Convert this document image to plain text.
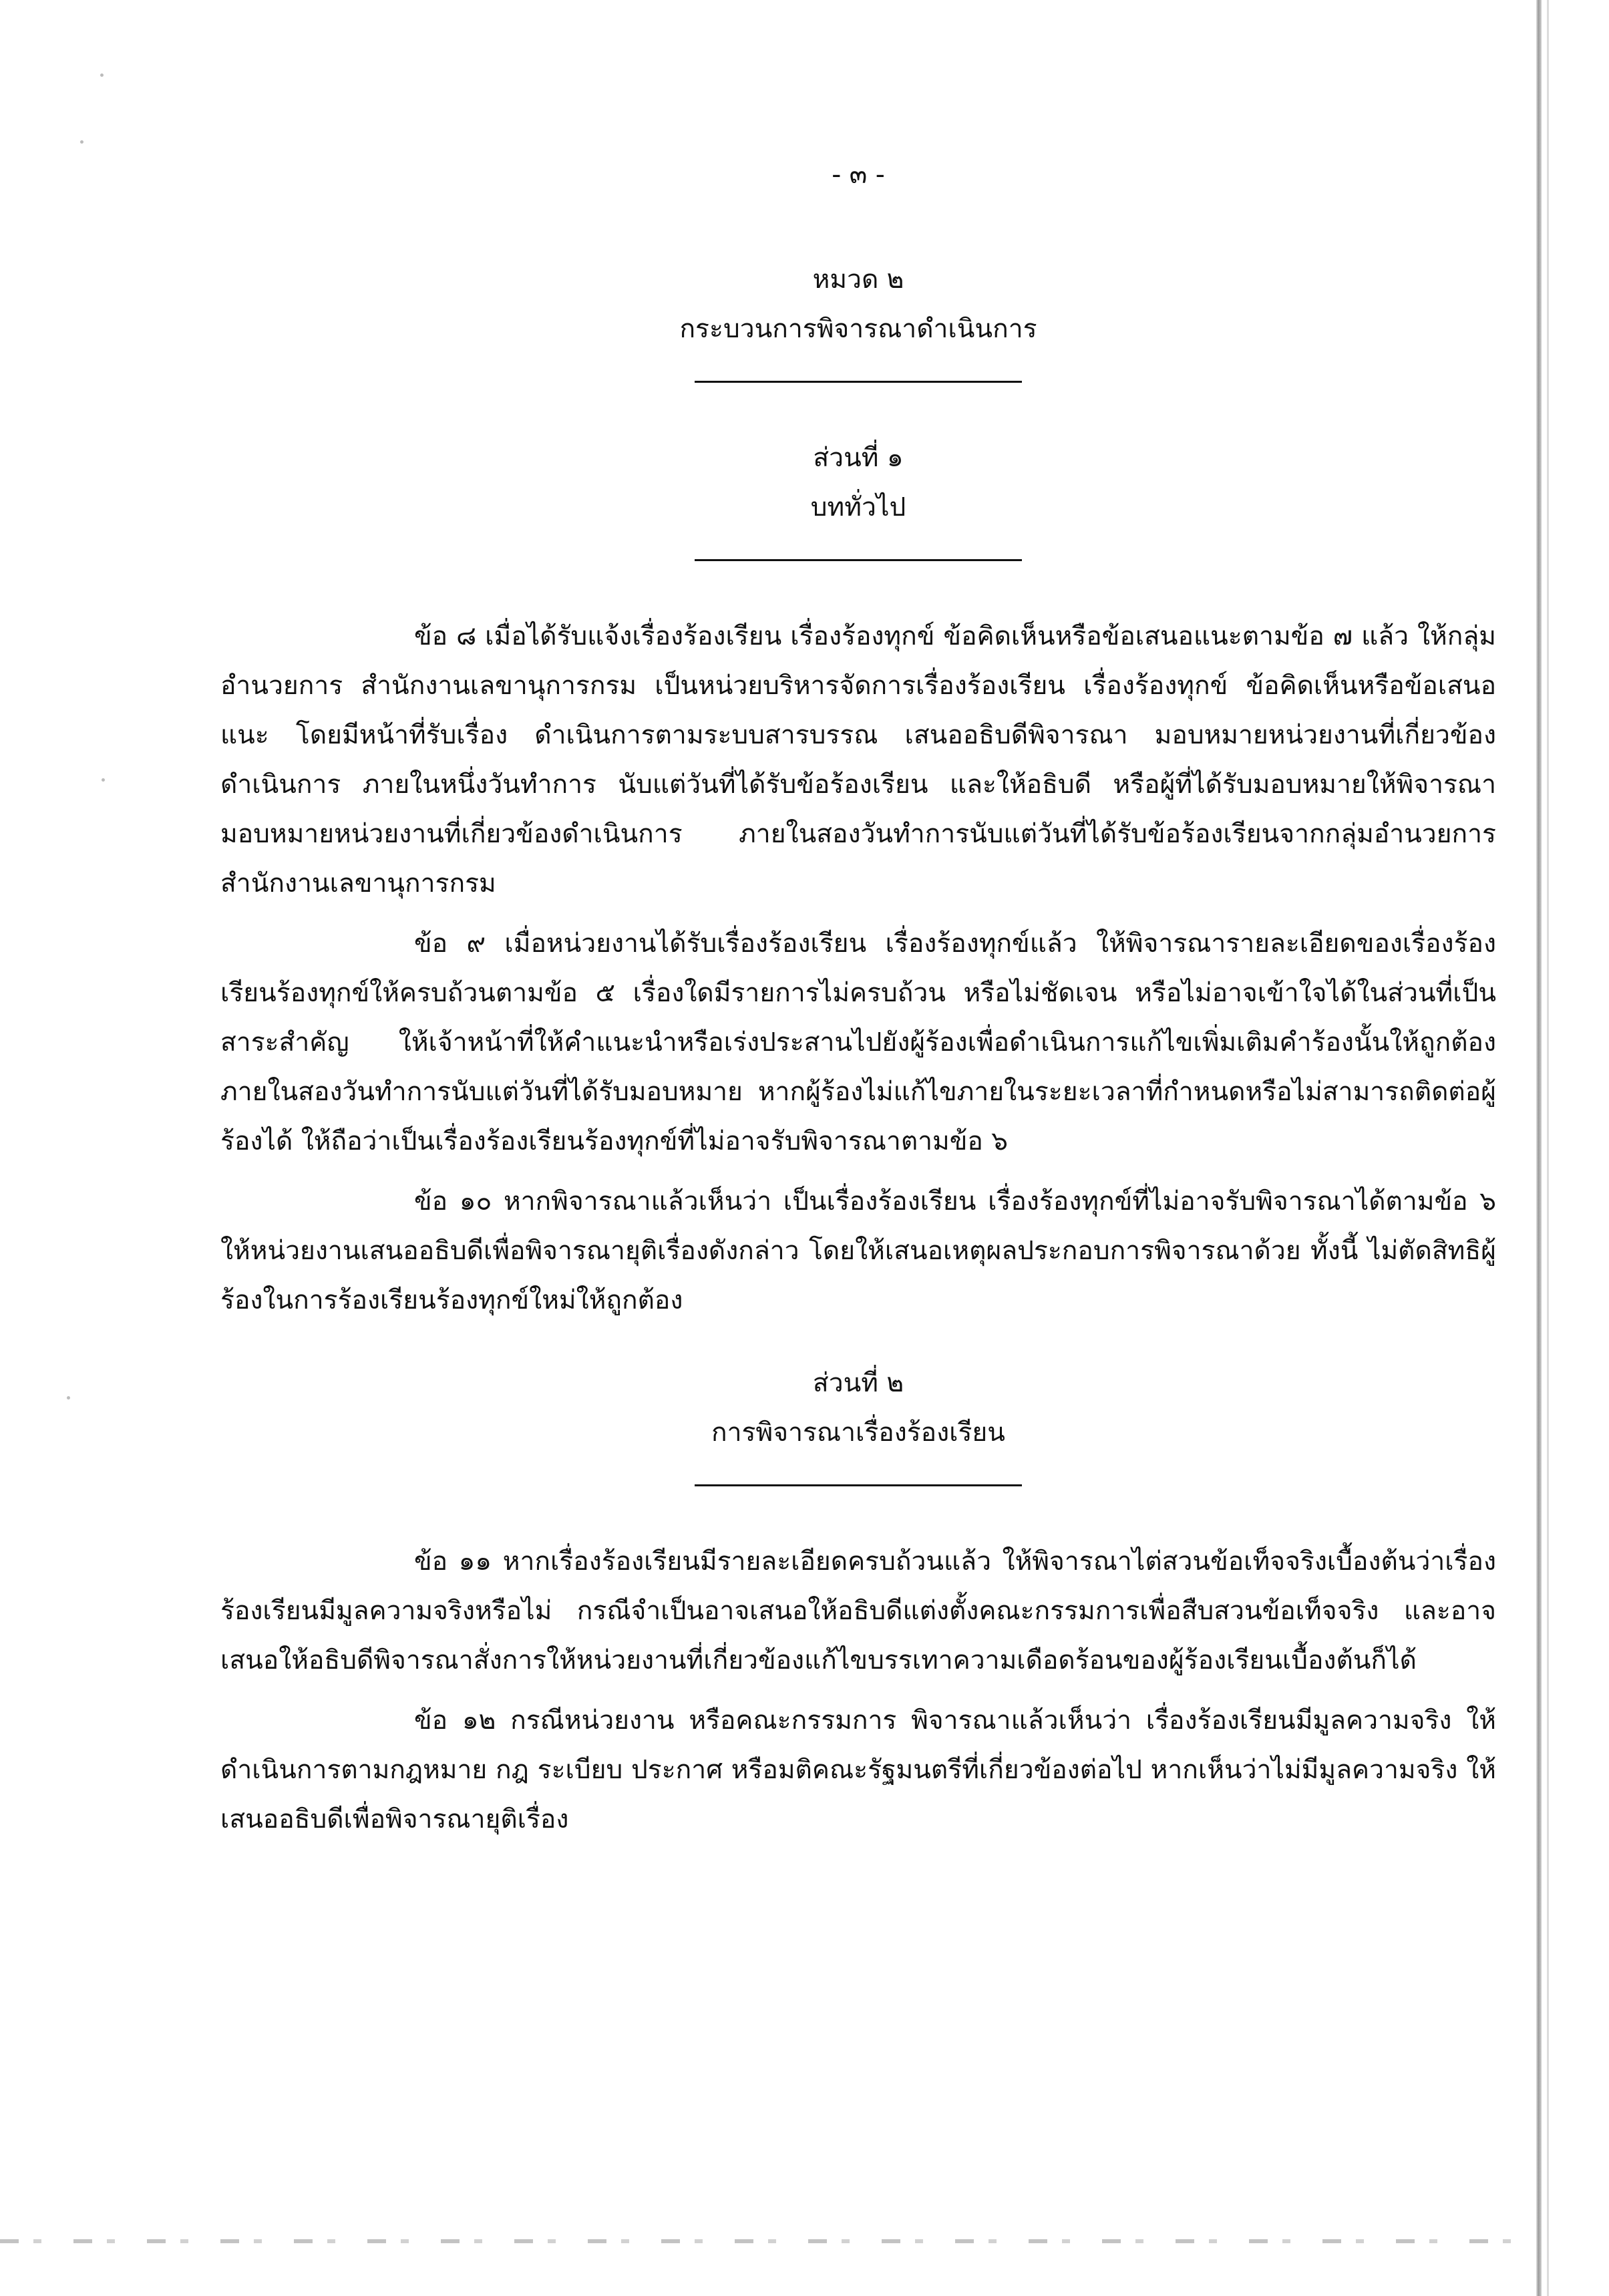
- ๓ -
หมวด ๒
กระบวนการพิจารณาดำเนินการ
ส่วนที่ ๑
บททั่วไป

ข้อ ๘ เมื่อได้รับแจ้งเรื่องร้องเรียน เรื่องร้องทุกข์ ข้อคิดเห็นหรือข้อเสนอแนะตามข้อ ๗ แล้ว ให้กลุ่มอำนวยการ สำนักงานเลขานุการกรม เป็นหน่วยบริหารจัดการเรื่องร้องเรียน เรื่องร้องทุกข์ ข้อคิดเห็นหรือข้อเสนอแนะ โดยมีหน้าที่รับเรื่อง ดำเนินการตามระบบสารบรรณ เสนออธิบดีพิจารณา มอบหมายหน่วยงานที่เกี่ยวข้องดำเนินการ ภายในหนึ่งวันทำการ นับแต่วันที่ได้รับข้อร้องเรียน และให้อธิบดี หรือผู้ที่ได้รับมอบหมายให้พิจารณา มอบหมายหน่วยงานที่เกี่ยวข้องดำเนินการ ภายในสองวันทำการนับแต่วันที่ได้รับข้อร้องเรียนจากกลุ่มอำนวยการ สำนักงานเลขานุการกรม

ข้อ ๙ เมื่อหน่วยงานได้รับเรื่องร้องเรียน เรื่องร้องทุกข์แล้ว ให้พิจารณารายละเอียดของเรื่องร้องเรียนร้องทุกข์ให้ครบถ้วนตามข้อ ๕ เรื่องใดมีรายการไม่ครบถ้วน หรือไม่ชัดเจน หรือไม่อาจเข้าใจได้ในส่วนที่เป็นสาระสำคัญ ให้เจ้าหน้าที่ให้คำแนะนำหรือเร่งประสานไปยังผู้ร้องเพื่อดำเนินการแก้ไขเพิ่มเติมคำร้องนั้นให้ถูกต้อง ภายในสองวันทำการนับแต่วันที่ได้รับมอบหมาย หากผู้ร้องไม่แก้ไขภายในระยะเวลาที่กำหนดหรือไม่สามารถติดต่อผู้ร้องได้ ให้ถือว่าเป็นเรื่องร้องเรียนร้องทุกข์ที่ไม่อาจรับพิจารณาตามข้อ ๖

ข้อ ๑๐ หากพิจารณาแล้วเห็นว่า เป็นเรื่องร้องเรียน เรื่องร้องทุกข์ที่ไม่อาจรับพิจารณาได้ตามข้อ ๖ ให้หน่วยงานเสนออธิบดีเพื่อพิจารณายุติเรื่องดังกล่าว โดยให้เสนอเหตุผลประกอบการพิจารณาด้วย ทั้งนี้ ไม่ตัดสิทธิผู้ร้องในการร้องเรียนร้องทุกข์ใหม่ให้ถูกต้อง

ส่วนที่ ๒
การพิจารณาเรื่องร้องเรียน

ข้อ ๑๑ หากเรื่องร้องเรียนมีรายละเอียดครบถ้วนแล้ว ให้พิจารณาไต่สวนข้อเท็จจริงเบื้องต้นว่าเรื่องร้องเรียนมีมูลความจริงหรือไม่ กรณีจำเป็นอาจเสนอให้อธิบดีแต่งตั้งคณะกรรมการเพื่อสืบสวนข้อเท็จจริง และอาจเสนอให้อธิบดีพิจารณาสั่งการให้หน่วยงานที่เกี่ยวข้องแก้ไขบรรเทาความเดือดร้อนของผู้ร้องเรียนเบื้องต้นก็ได้

ข้อ ๑๒ กรณีหน่วยงาน หรือคณะกรรมการ พิจารณาแล้วเห็นว่า เรื่องร้องเรียนมีมูลความจริง ให้ดำเนินการตามกฎหมาย กฎ ระเบียบ ประกาศ หรือมติคณะรัฐมนตรีที่เกี่ยวข้องต่อไป หากเห็นว่าไม่มีมูลความจริง ให้เสนออธิบดีเพื่อพิจารณายุติเรื่อง
